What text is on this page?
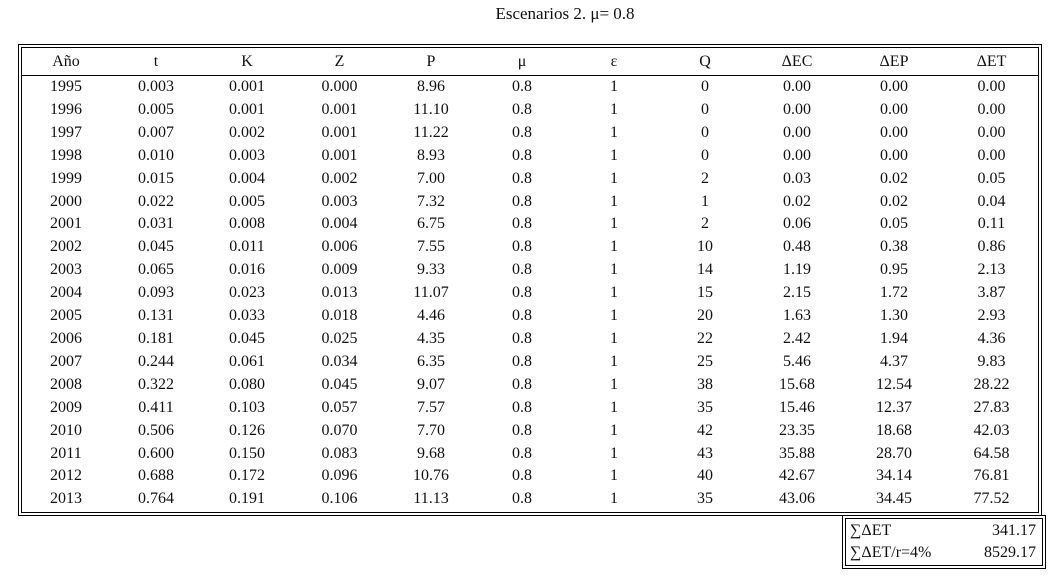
Escenarios 2. μ= 0.8
Año	t	K	Z	P	μ	ε	Q	ΔEC	ΔEP	ΔET
1995	0.003	0.001	0.000	8.96	0.8	1	0	0.00	0.00	0.00
1996	0.005	0.001	0.001	11.10	0.8	1	0	0.00	0.00	0.00
1997	0.007	0.002	0.001	11.22	0.8	1	0	0.00	0.00	0.00
1998	0.010	0.003	0.001	8.93	0.8	1	0	0.00	0.00	0.00
1999	0.015	0.004	0.002	7.00	0.8	1	2	0.03	0.02	0.05
2000	0.022	0.005	0.003	7.32	0.8	1	1	0.02	0.02	0.04
2001	0.031	0.008	0.004	6.75	0.8	1	2	0.06	0.05	0.11
2002	0.045	0.011	0.006	7.55	0.8	1	10	0.48	0.38	0.86
2003	0.065	0.016	0.009	9.33	0.8	1	14	1.19	0.95	2.13
2004	0.093	0.023	0.013	11.07	0.8	1	15	2.15	1.72	3.87
2005	0.131	0.033	0.018	4.46	0.8	1	20	1.63	1.30	2.93
2006	0.181	0.045	0.025	4.35	0.8	1	22	2.42	1.94	4.36
2007	0.244	0.061	0.034	6.35	0.8	1	25	5.46	4.37	9.83
2008	0.322	0.080	0.045	9.07	0.8	1	38	15.68	12.54	28.22
2009	0.411	0.103	0.057	7.57	0.8	1	35	15.46	12.37	27.83
2010	0.506	0.126	0.070	7.70	0.8	1	42	23.35	18.68	42.03
2011	0.600	0.150	0.083	9.68	0.8	1	43	35.88	28.70	64.58
2012	0.688	0.172	0.096	10.76	0.8	1	40	42.67	34.14	76.81
2013	0.764	0.191	0.106	11.13	0.8	1	35	43.06	34.45	77.52
∑ΔET	341.17
∑ΔET/r=4%	8529.17
